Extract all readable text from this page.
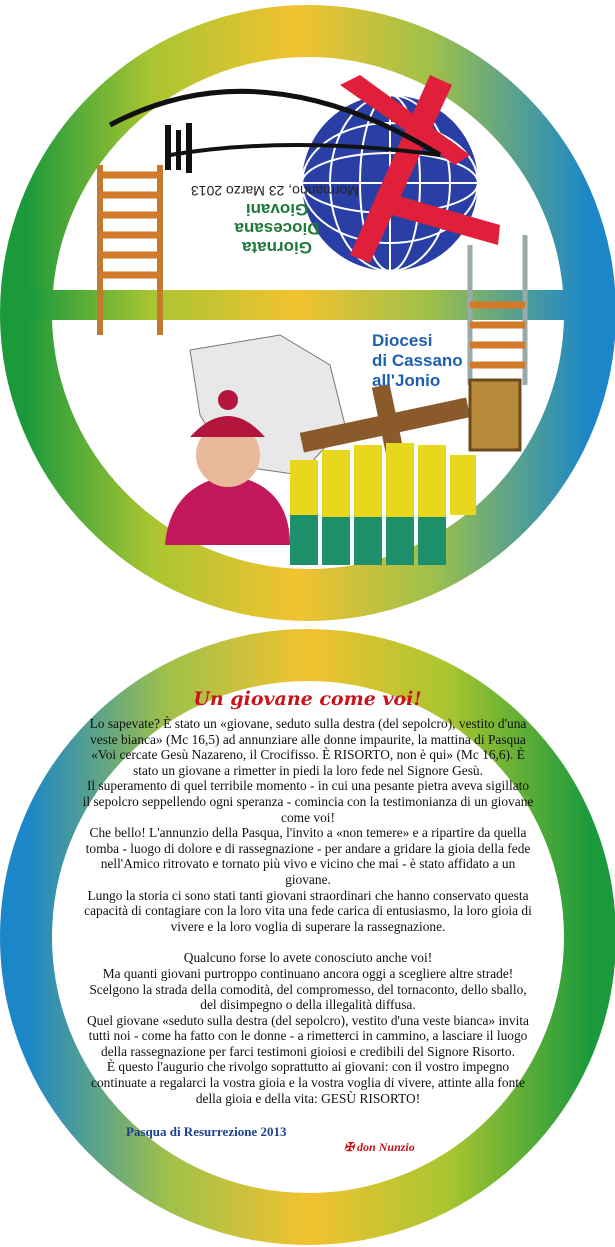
Giornata
Diocesana
Giovani
Mormanno, 23 Marzo 2013
Diocesi
di Cassano
all'Jonio
Un giovane come voi!

Lo sapevate? È stato un «giovane, seduto sulla destra (del sepolcro), vestito d'una veste bianca» (Mc 16,5) ad annunziare alle donne impaurite, la mattina di Pasqua «Voi cercate Gesù Nazareno, il Crocifisso. È RISORTO, non è qui» (Mc 16,6). È stato un giovane a rimetter in piedi la loro fede nel Signore Gesù.

Il superamento di quel terribile momento - in cui una pesante pietra aveva sigillato il sepolcro seppellendo ogni speranza - comincia con la testimonianza di un giovane come voi!

Che bello! L'annunzio della Pasqua, l'invito a «non temere» e a ripartire da quella tomba - luogo di dolore e di rassegnazione - per andare a gridare la gioia della fede nell'Amico ritrovato e tornato più vivo e vicino che mai - è stato affidato a un giovane.

Lungo la storia ci sono stati tanti giovani straordinari che hanno conservato questa capacità di contagiare con la loro vita una fede carica di entusiasmo, la loro gioia di vivere e la loro voglia di superare la rassegnazione.

Qualcuno forse lo avete conosciuto anche voi!

Ma quanti giovani purtroppo continuano ancora oggi a scegliere altre strade!

Scelgono la strada della comodità, del compromesso, del tornaconto, dello sballo, del disimpegno o della illegalità diffusa.

Quel giovane «seduto sulla destra (del sepolcro), vestito d'una veste bianca» invita tutti noi - come ha fatto con le donne - a rimetterci in cammino, a lasciare il luogo della rassegnazione per farci testimoni gioiosi e credibili del Signore Risorto.

È questo l'augurio che rivolgo soprattutto ai giovani: con il vostro impegno continuate a regalarci la vostra gioia e la vostra voglia di vivere, attinte alla fonte della gioia e della vita: GESÙ RISORTO!

Pasqua di Resurrezione 2013
✠ don Nunzio
